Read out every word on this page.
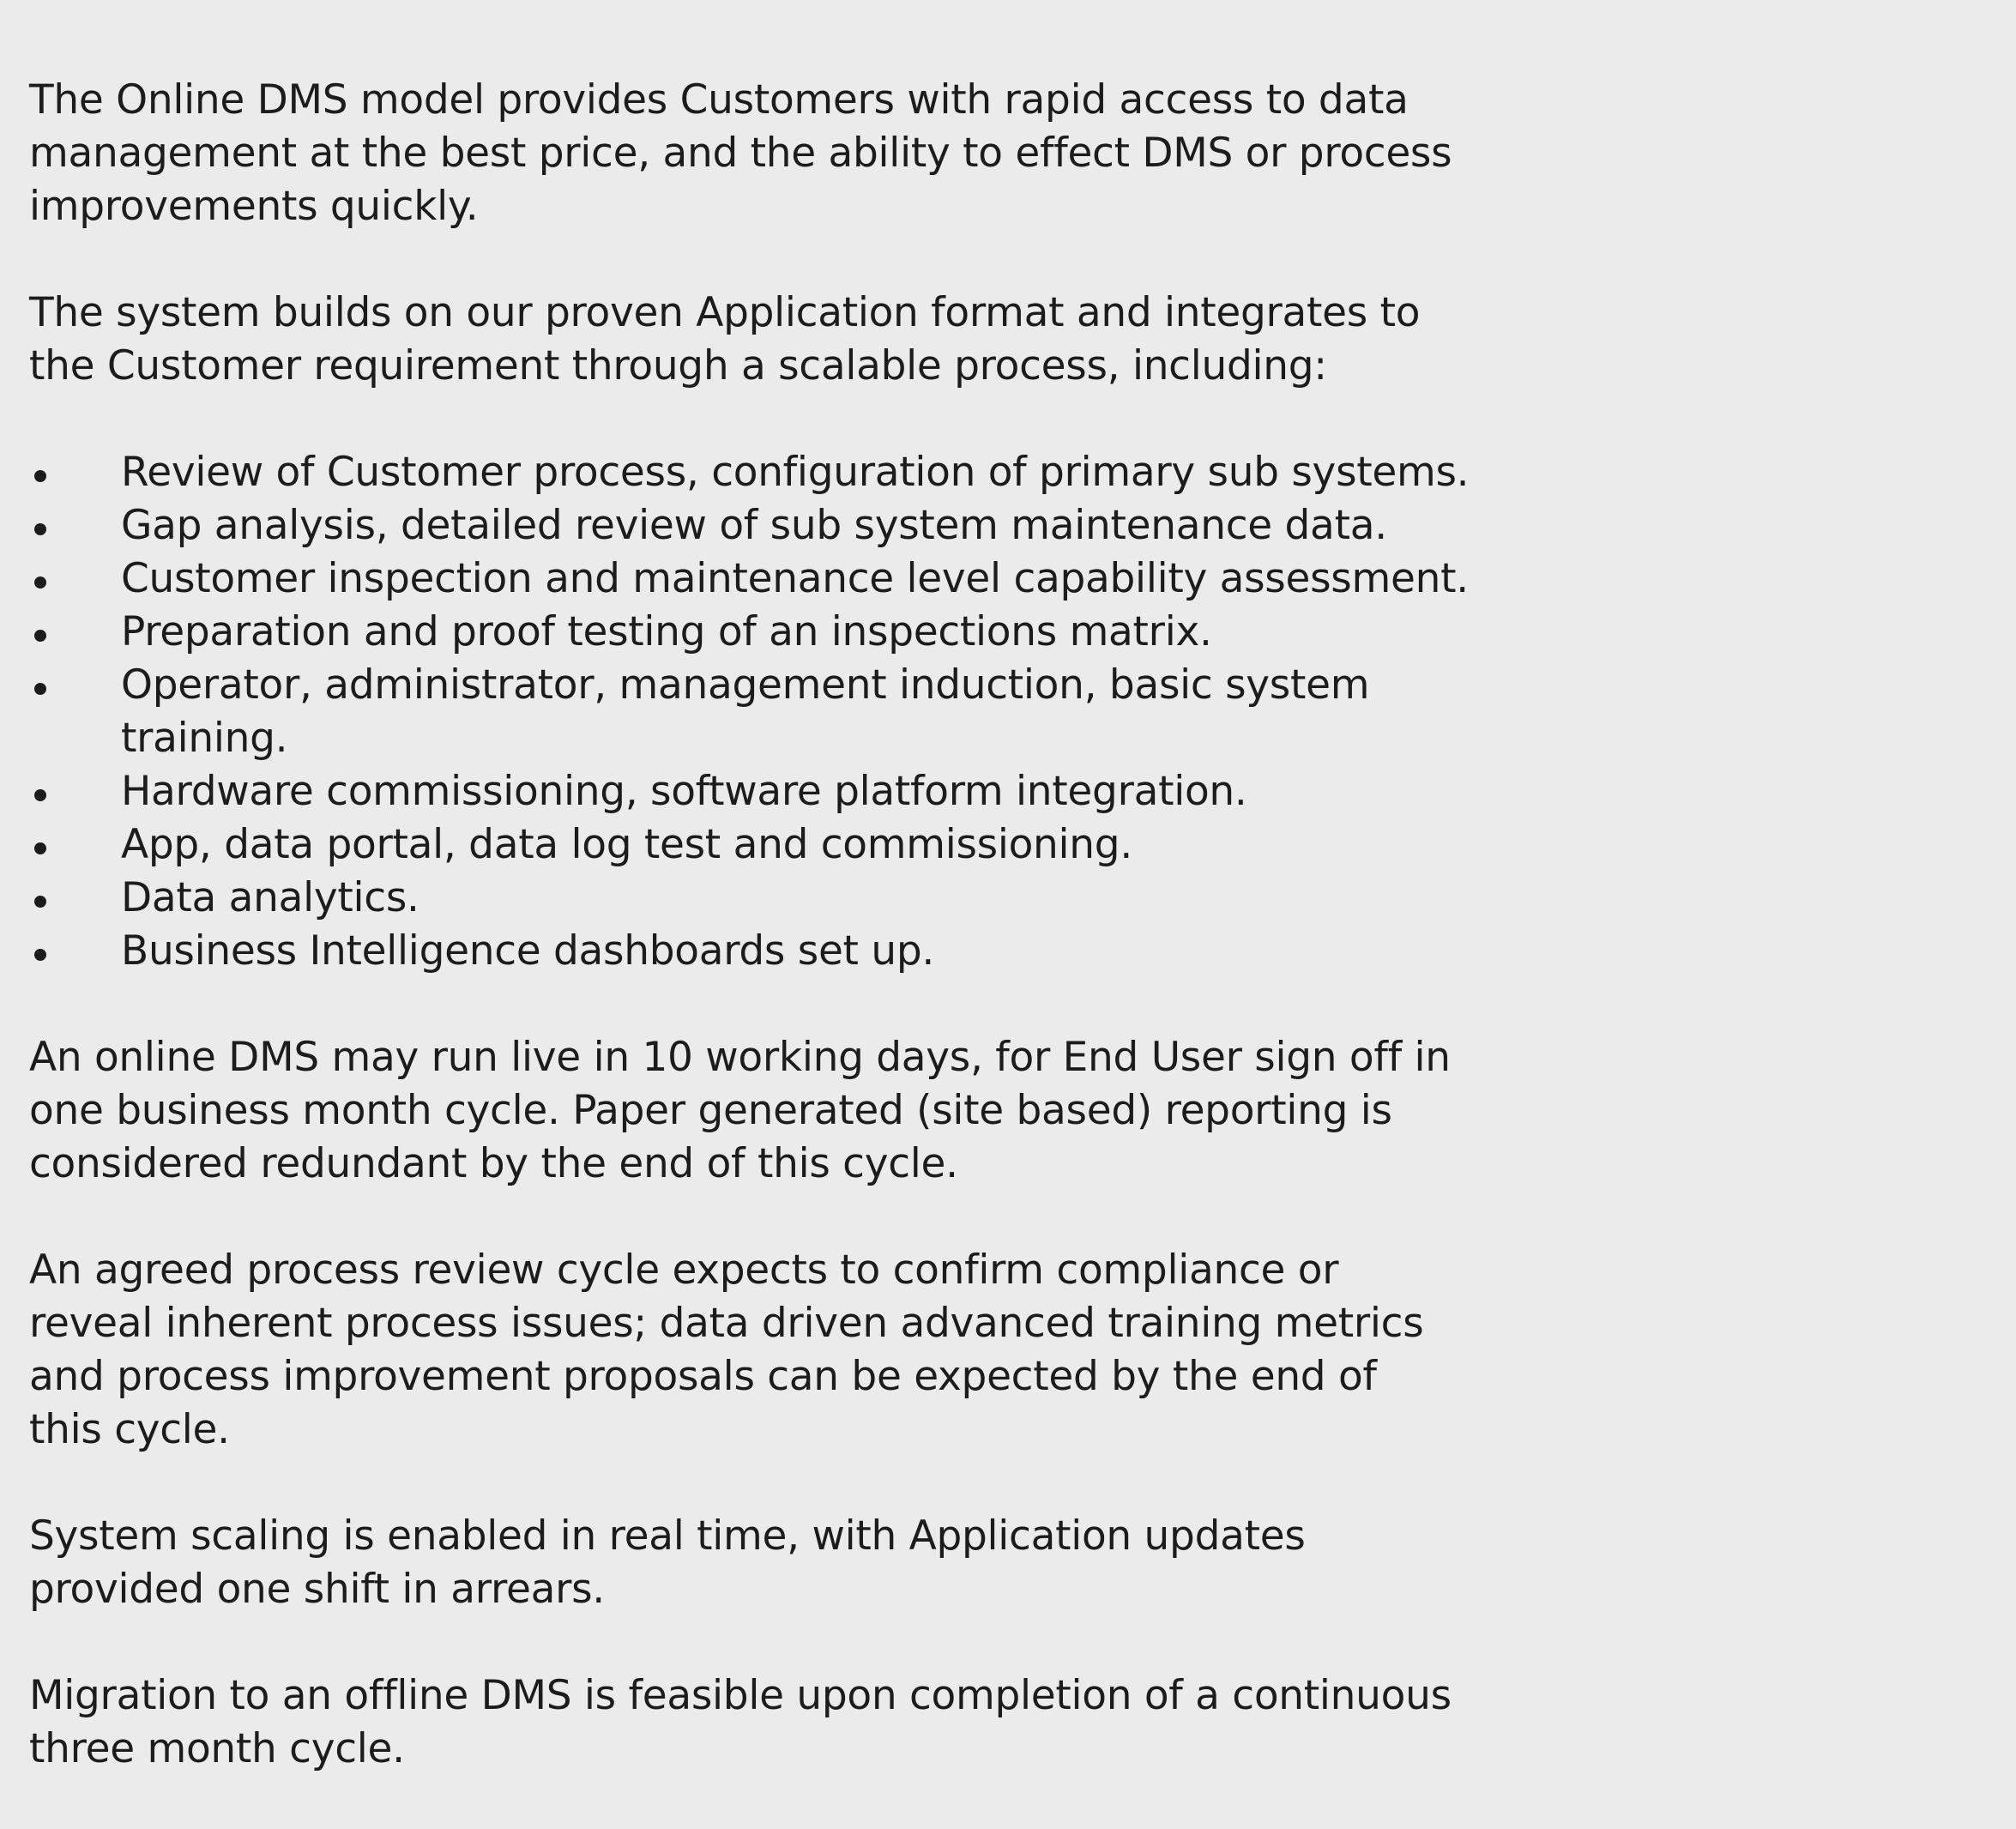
The Online DMS model provides Customers with rapid access to data
management at the best price, and the ability to effect DMS or process
improvements quickly.

The system builds on our proven Application format and integrates to
the Customer requirement through a scalable process, including:

Review of Customer process, configuration of primary sub systems.
Gap analysis, detailed review of sub system maintenance data.
Customer inspection and maintenance level capability assessment.
Preparation and proof testing of an inspections matrix.
Operator, administrator, management induction, basic system
training.
Hardware commissioning, software platform integration.
App, data portal, data log test and commissioning.
Data analytics.
Business Intelligence dashboards set up.

An online DMS may run live in 10 working days, for End User sign off in
one business month cycle. Paper generated (site based) reporting is
considered redundant by the end of this cycle.

An agreed process review cycle expects to confirm compliance or
reveal inherent process issues; data driven advanced training metrics
and process improvement proposals can be expected by the end of
this cycle.

System scaling is enabled in real time, with Application updates
provided one shift in arrears.

Migration to an offline DMS is feasible upon completion of a continuous
three month cycle.
